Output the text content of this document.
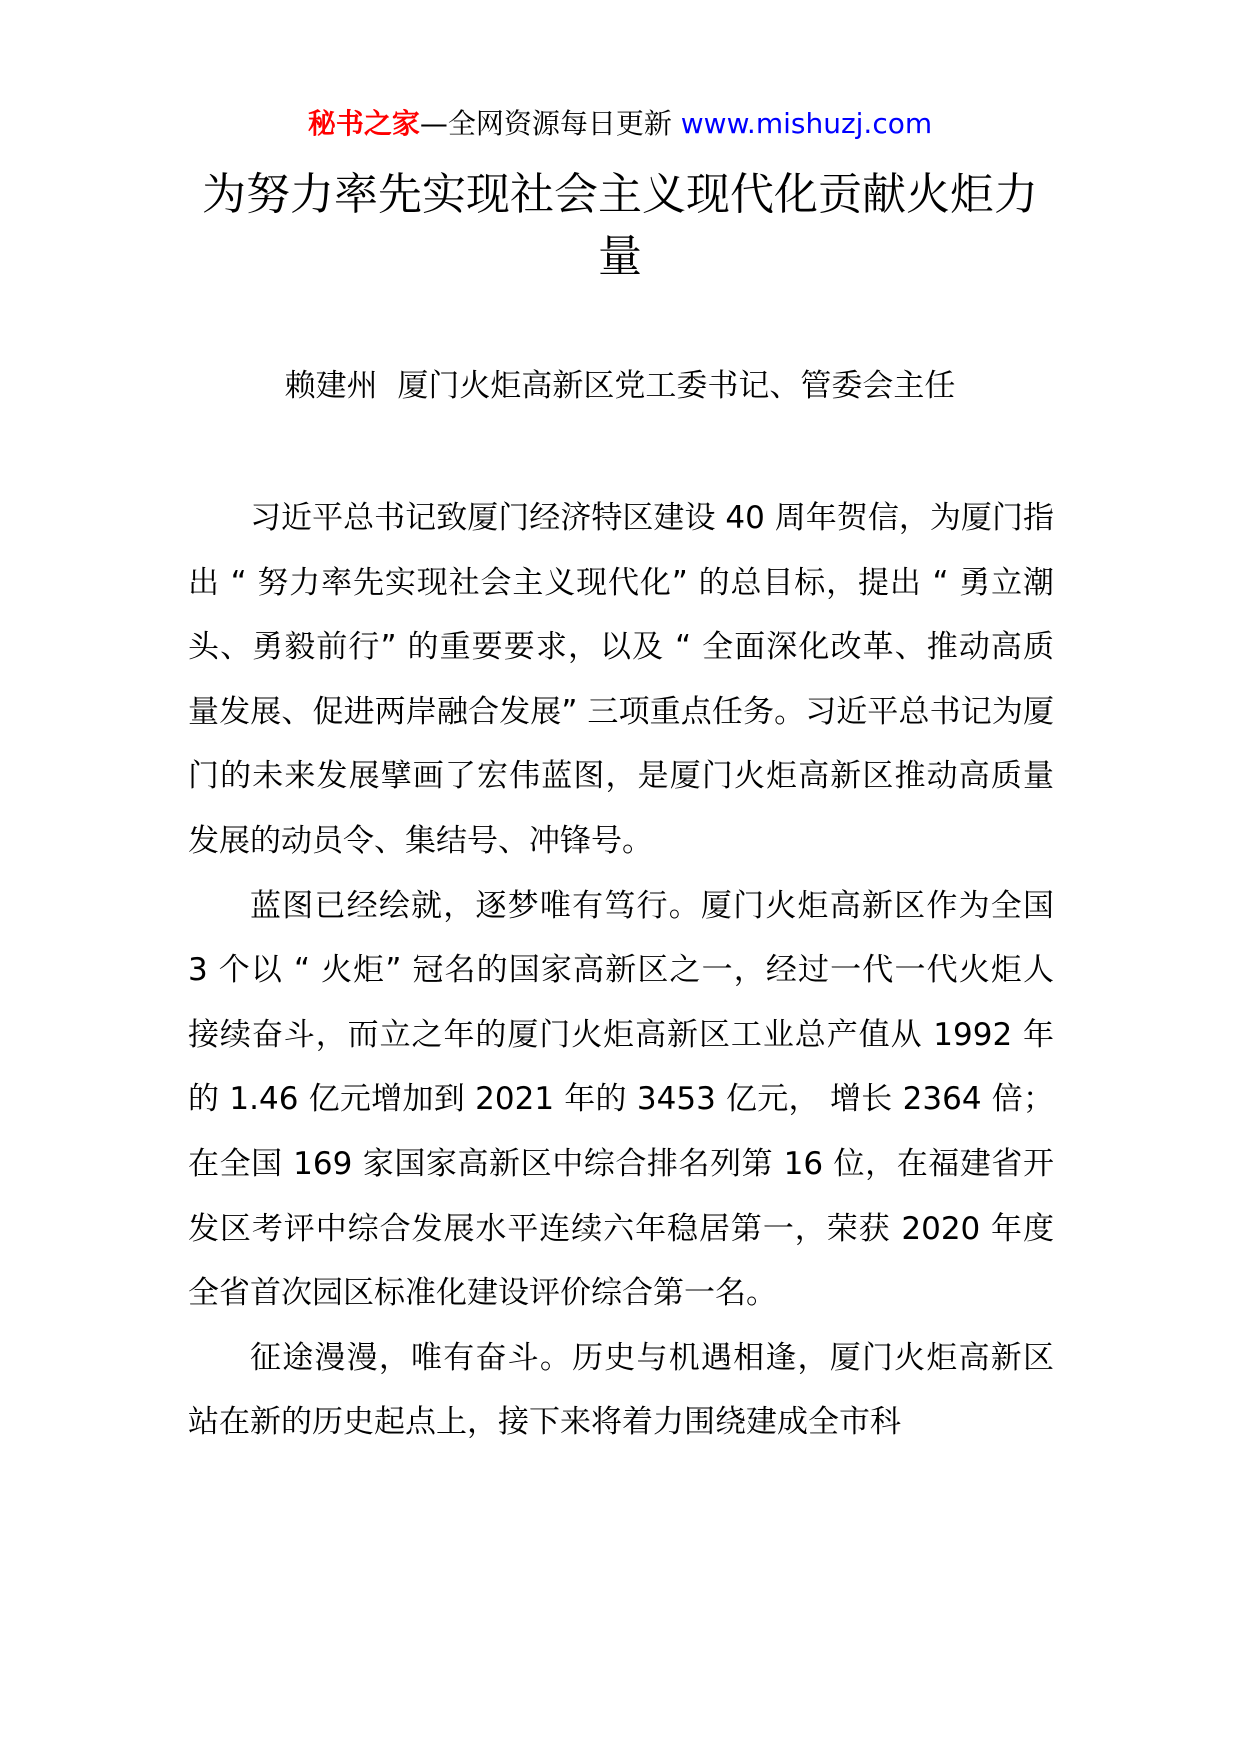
秘书之家—全网资源每日更新 www.mishuzj.com
为努力率先实现社会主义现代化贡献火炬力量
赖建州  厦门火炬高新区党工委书记、管委会主任

习近平总书记致厦门经济特区建设 40 周年贺信，为厦门指出 “ 努力率先实现社会主义现代化” 的总目标，提出 “ 勇立潮头、勇毅前行” 的重要要求，以及 “ 全面深化改革、推动高质量发展、促进两岸融合发展” 三项重点任务。习近平总书记为厦门的未来发展擘画了宏伟蓝图，是厦门火炬高新区推动高质量发展的动员令、集结号、冲锋号。

蓝图已经绘就，逐梦唯有笃行。厦门火炬高新区作为全国 3 个以 “ 火炬” 冠名的国家高新区之一，经过一代一代火炬人接续奋斗，而立之年的厦门火炬高新区工业总产值从 1992 年的 1.46 亿元增加到 2021 年的 3453 亿元， 增长 2364 倍； 在全国 169 家国家高新区中综合排名列第 16 位，在福建省开发区考评中综合发展水平连续六年稳居第一，荣获 2020 年度全省首次园区标准化建设评价综合第一名。

征途漫漫，唯有奋斗。历史与机遇相逢，厦门火炬高新区站在新的历史起点上，接下来将着力围绕建成全市科
